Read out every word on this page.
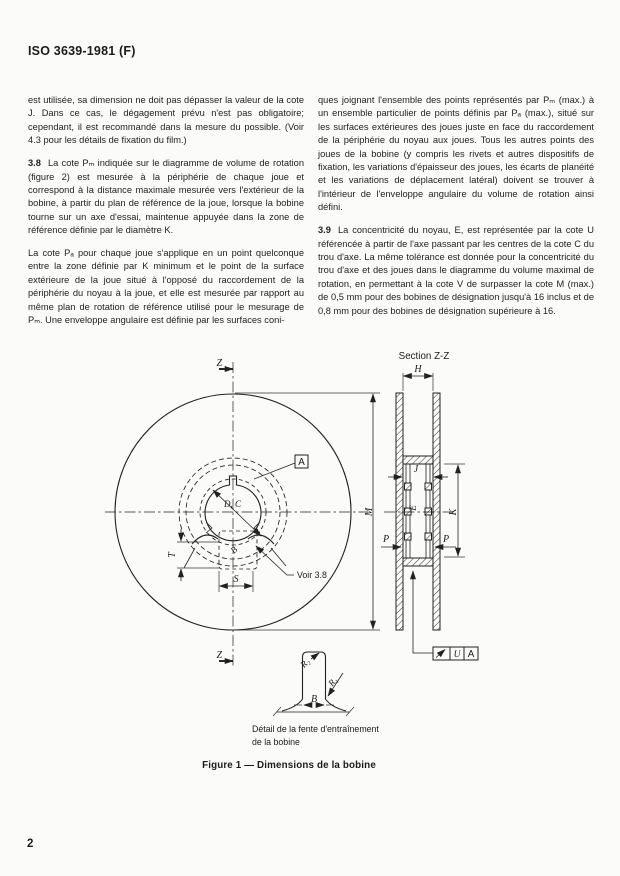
ISO 3639-1981 (F)

est utilisée, sa dimension ne doit pas dépasser la valeur de la cote J. Dans ce cas, le dégagement prévu n'est pas obligatoire; cependant, il est recommandé dans la mesure du possible. (Voir 4.3 pour les détails de fixation du film.)

3.8 La cote Pₘ indiquée sur le diagramme de volume de rotation (figure 2) est mesurée à la périphérie de chaque joue et correspond à la distance maximale mesurée vers l'extérieur de la bobine, à partir du plan de référence de la joue, lorsque la bobine tourne sur un axe d'essai, maintenue appuyée dans la zone de référence définie par le diamètre K.

La cote Pₐ pour chaque joue s'applique en un point quelconque entre la zone définie par K minimum et le point de la surface extérieure de la joue situé à l'opposé du raccordement de la périphérie du noyau à la joue, et elle est mesurée par rapport au même plan de rotation de référence utilisé pour le mesurage de Pₘ. Une enveloppe angulaire est définie par les surfaces coni-

ques joignant l'ensemble des points représentés par Pₘ (max.) à un ensemble particulier de points définis par Pₐ (max.), situé sur les surfaces extérieures des joues juste en face du raccordement de la périphérie du noyau aux joues. Tous les autres points des joues de la bobine (y compris les rivets et autres dispositifs de fixation, les variations d'épaisseur des joues, les écarts de planéité et les variations de déplacement latéral) doivent se trouver à l'intérieur de l'enveloppe angulaire du volume de rotation ainsi défini.

3.9 La concentricité du noyau, E, est représentée par la cote U référencée à partir de l'axe passant par les centres de la cote C du trou d'axe. La même tolérance est donnée pour la concentricité du trou d'axe et des joues dans le diagramme du volume maximal de rotation, en permettant à la cote V de surpasser la cote M (max.) de 0,5 mm pour des bobines de désignation jusqu'à 16 inclus et de 0,8 mm pour des bobines de désignation supérieure à 16.

B
D, C
A
T
S	Voir 3.8
Z
Z
M
Section Z-Z
E
H
J
K
P	P
U A
R₂
R₁
B
Détail de la fente d'entraînement
de la bobine
Figure 1 — Dimensions de la bobine
2
